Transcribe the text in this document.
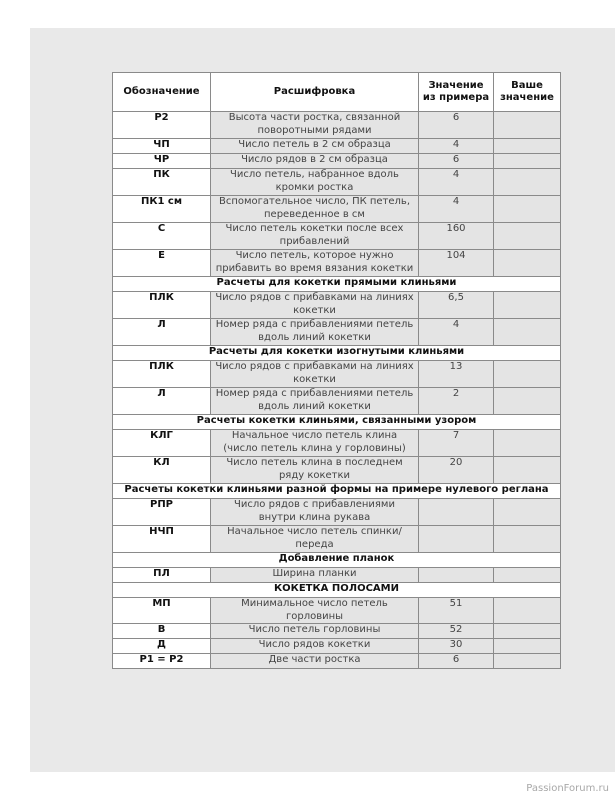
Обозначение	Расшифровка	Значение из примера	Ваше значение
Р2	Высота части ростка, связанной поворотными рядами	6	
ЧП	Число петель в 2 см образца	4	
ЧР	Число рядов в 2 см образца	6	
ПК	Число петель, набранное вдоль кромки ростка	4	
ПК1 см	Вспомогательное число, ПК петель, переведенное в см	4	
С	Число петель кокетки после всех прибавлений	160	
Е	Число петель, которое нужно прибавить во время вязания кокетки	104	
Расчеты для кокетки прямыми клиньями			
ПЛК	Число рядов с прибавками на линиях кокетки	6,5	
Л	Номер ряда с прибавлениями петель вдоль линий кокетки	4	
Расчеты для кокетки изогнутыми клиньями			
ПЛК	Число рядов с прибавками на линиях кокетки	13	
Л	Номер ряда с прибавлениями петель вдоль линий кокетки	2	
Расчеты кокетки клиньями, связанными узором			
КЛГ	Начальное число петель клина (число петель клина у горловины)	7	
КЛ	Число петель клина в последнем ряду кокетки	20	
Расчеты кокетки клиньями разной формы на примере нулевого реглана			
РПР	Число рядов с прибавлениями внутри клина рукава		
НЧП	Начальное число петель спинки/ переда		
Добавление планок			
ПЛ	Ширина планки		
КОКЕТКА ПОЛОСАМИ			
МП	Минимальное число петель горловины	51	
В	Число петель горловины	52	
Д	Число рядов кокетки	30	
Р1 = Р2	Две части ростка	6	
PassionForum.ru
